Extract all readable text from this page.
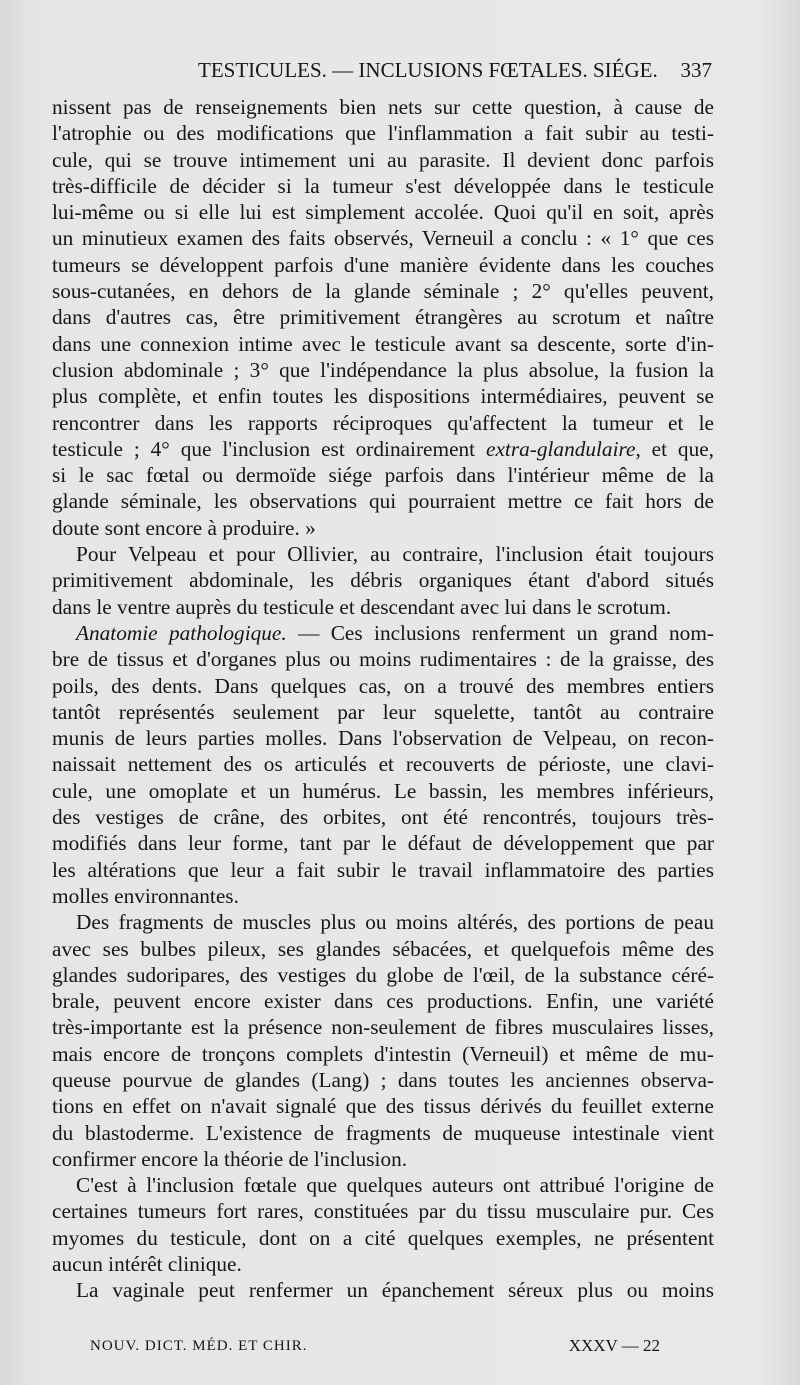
TESTICULES. — INCLUSIONS FŒTALES. SIÉGE. 337
nissent pas de renseignements bien nets sur cette question, à cause de
l'atrophie ou des modifications que l'inflammation a fait subir au testi-
cule, qui se trouve intimement uni au parasite. Il devient donc parfois
très-difficile de décider si la tumeur s'est développée dans le testicule
lui-même ou si elle lui est simplement accolée. Quoi qu'il en soit, après
un minutieux examen des faits observés, Verneuil a conclu : « 1° que ces
tumeurs se développent parfois d'une manière évidente dans les couches
sous-cutanées, en dehors de la glande séminale ; 2° qu'elles peuvent,
dans d'autres cas, être primitivement étrangères au scrotum et naître
dans une connexion intime avec le testicule avant sa descente, sorte d'in-
clusion abdominale ; 3° que l'indépendance la plus absolue, la fusion la
plus complète, et enfin toutes les dispositions intermédiaires, peuvent se
rencontrer dans les rapports réciproques qu'affectent la tumeur et le
testicule ; 4° que l'inclusion est ordinairement extra-glandulaire, et que,
si le sac fœtal ou dermoïde siége parfois dans l'intérieur même de la
glande séminale, les observations qui pourraient mettre ce fait hors de
doute sont encore à produire. »
Pour Velpeau et pour Ollivier, au contraire, l'inclusion était toujours
primitivement abdominale, les débris organiques étant d'abord situés
dans le ventre auprès du testicule et descendant avec lui dans le scrotum.
Anatomie pathologique. — Ces inclusions renferment un grand nom-
bre de tissus et d'organes plus ou moins rudimentaires : de la graisse, des
poils, des dents. Dans quelques cas, on a trouvé des membres entiers
tantôt représentés seulement par leur squelette, tantôt au contraire
munis de leurs parties molles. Dans l'observation de Velpeau, on recon-
naissait nettement des os articulés et recouverts de périoste, une clavi-
cule, une omoplate et un humérus. Le bassin, les membres inférieurs,
des vestiges de crâne, des orbites, ont été rencontrés, toujours très-
modifiés dans leur forme, tant par le défaut de développement que par
les altérations que leur a fait subir le travail inflammatoire des parties
molles environnantes.
Des fragments de muscles plus ou moins altérés, des portions de peau
avec ses bulbes pileux, ses glandes sébacées, et quelquefois même des
glandes sudoripares, des vestiges du globe de l'œil, de la substance céré-
brale, peuvent encore exister dans ces productions. Enfin, une variété
très-importante est la présence non-seulement de fibres musculaires lisses,
mais encore de tronçons complets d'intestin (Verneuil) et même de mu-
queuse pourvue de glandes (Lang) ; dans toutes les anciennes observa-
tions en effet on n'avait signalé que des tissus dérivés du feuillet externe
du blastoderme. L'existence de fragments de muqueuse intestinale vient
confirmer encore la théorie de l'inclusion.
C'est à l'inclusion fœtale que quelques auteurs ont attribué l'origine de
certaines tumeurs fort rares, constituées par du tissu musculaire pur. Ces
myomes du testicule, dont on a cité quelques exemples, ne présentent
aucun intérêt clinique.
La vaginale peut renfermer un épanchement séreux plus ou moins
NOUV. DICT. MÉD. ET CHIR.	XXXV — 22
